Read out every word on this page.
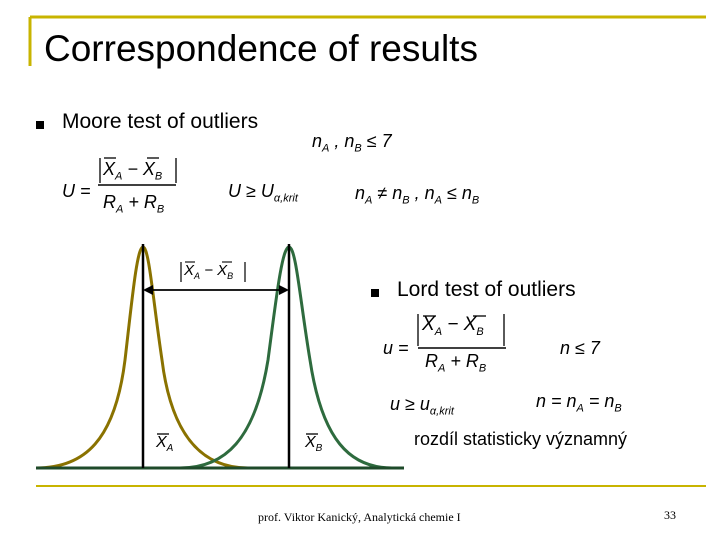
Correspondence of results
Moore test of outliers
$n_A$ , $n_B \le 7$
$n_A \ne n_B$ , $n_A \le n_B$
U =
$X_A - X_B$
$R_A + R_B$
$U \ge U_{\alpha,krit}$
$X_A - X_B$
$X_A$	$X_B$
Lord test of outliers
u =
$X_A - X_B$
$R_A + R_B$
n ≤ 7
$u \ge u_{\alpha,krit}$
$n = n_A = n_B$
rozdíl statisticky významný
prof. Viktor Kanický, Analytická chemie I	33
